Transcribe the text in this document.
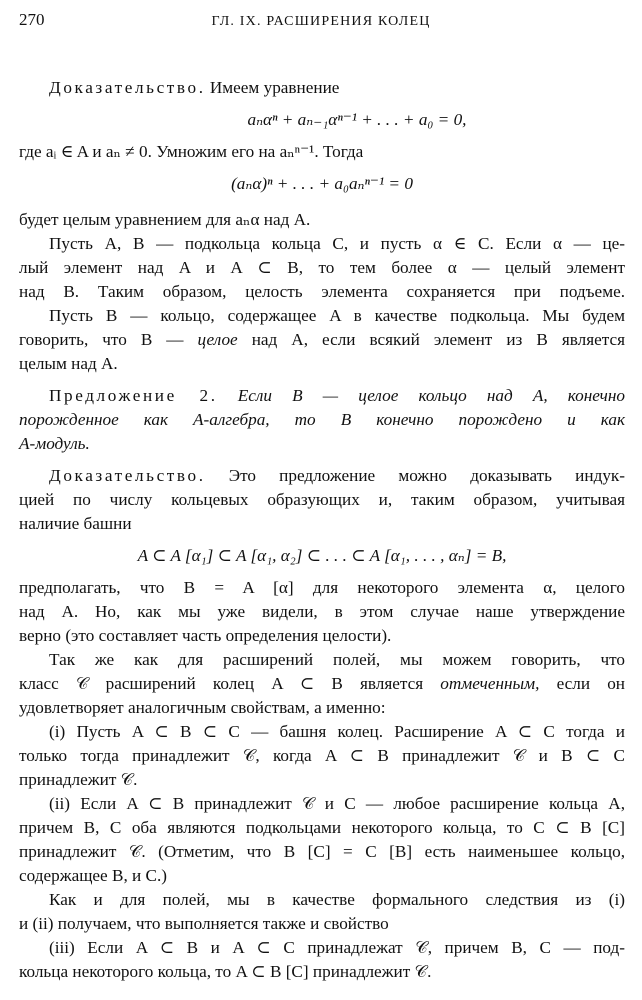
270	ГЛ. IX. РАСШИРЕНИЯ КОЛЕЦ
Доказательство. Имеем уравнение
aₙαⁿ + aₙ₋₁αⁿ⁻¹ + . . . + a₀ = 0,
где aᵢ ∈ A и aₙ ≠ 0. Умножим его на aₙⁿ⁻¹. Тогда
(aₙα)ⁿ + . . . + a₀aₙⁿ⁻¹ = 0
будет целым уравнением для aₙα над A.
Пусть A, B — подкольца кольца C, и пусть α ∈ C. Если α — це-
лый элемент над A и A ⊂ B, то тем более α — целый элемент
над B. Таким образом, целость элемента сохраняется при подъеме.
Пусть B — кольцо, содержащее A в качестве подкольца. Мы будем
говорить, что B — целое над A, если всякий элемент из B является
целым над A.
Предложение 2. Если B — целое кольцо над A, конечно
порожденное как A-алгебра, то B конечно порождено и как
A-модуль.
Доказательство. Это предложение можно доказывать индук-
цией по числу кольцевых образующих и, таким образом, учитывая
наличие башни
A ⊂ A [α₁] ⊂ A [α₁, α₂] ⊂ . . . ⊂ A [α₁, . . . , αₙ] = B,
предполагать, что B = A [α] для некоторого элемента α, целого
над A. Но, как мы уже видели, в этом случае наше утверждение
верно (это составляет часть определения целости).
Так же как для расширений полей, мы можем говорить, что
класс 𝒞 расширений колец A ⊂ B является отмеченным, если он
удовлетворяет аналогичным свойствам, а именно:
(i) Пусть A ⊂ B ⊂ C — башня колец. Расширение A ⊂ C тогда и
только тогда принадлежит 𝒞, когда A ⊂ B принадлежит 𝒞 и B ⊂ C
принадлежит 𝒞.
(ii) Если A ⊂ B принадлежит 𝒞 и C — любое расширение кольца A,
причем B, C оба являются подкольцами некоторого кольца, то C ⊂ B [C]
принадлежит 𝒞. (Отметим, что B [C] = C [B] есть наименьшее кольцо,
содержащее B, и C.)
Как и для полей, мы в качестве формального следствия из (i)
и (ii) получаем, что выполняется также и свойство
(iii) Если A ⊂ B и A ⊂ C принадлежат 𝒞, причем B, C — под-
кольца некоторого кольца, то A ⊂ B [C] принадлежит 𝒞.
